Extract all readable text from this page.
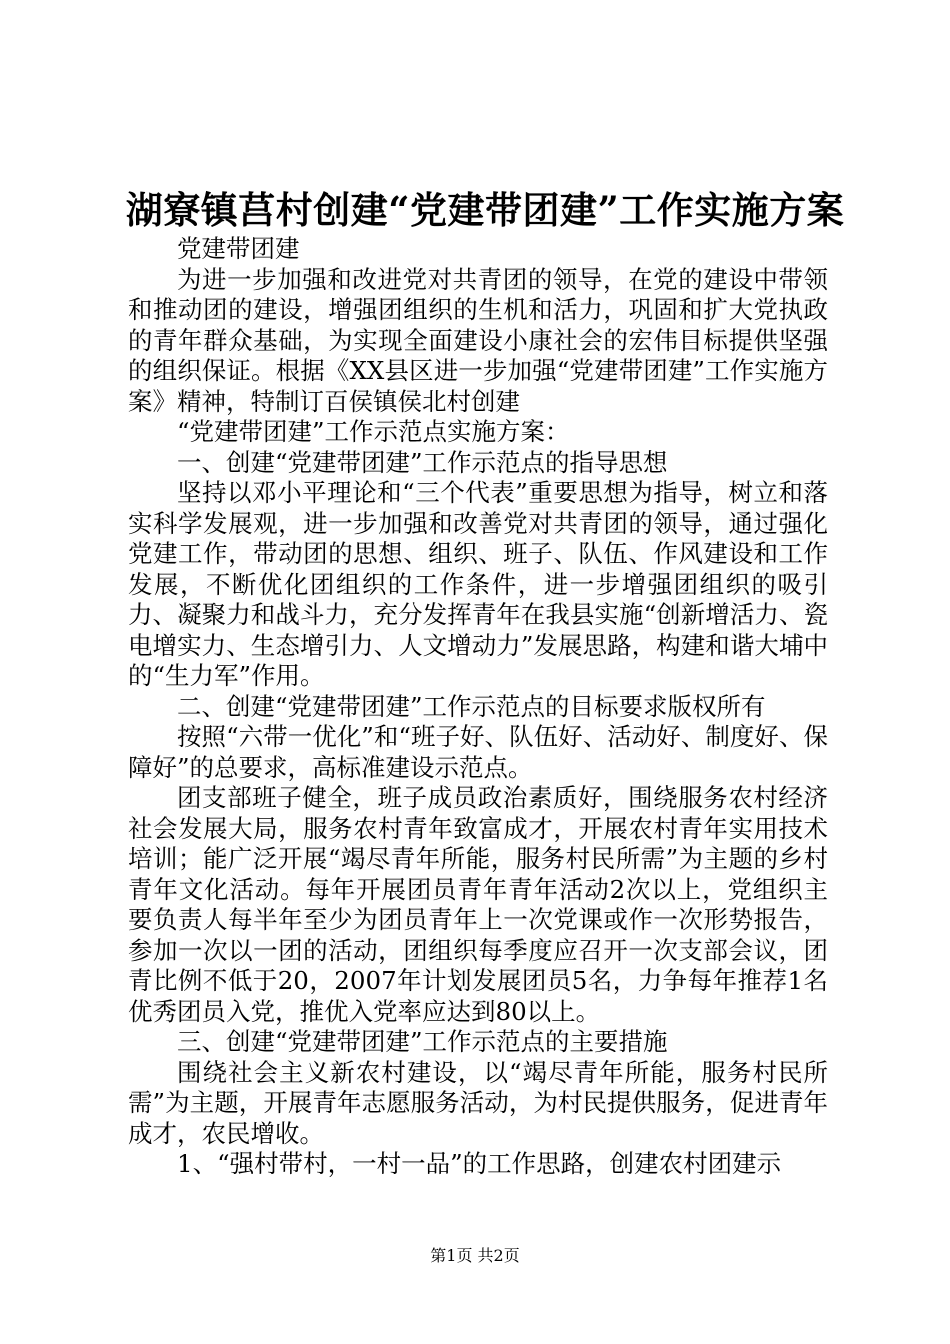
湖寮镇莒村创建“党建带团建”工作实施方案

党建带团建

为进一步加强和改进党对共青团的领导，在党的建设中带领和推动团的建设，增强团组织的生机和活力，巩固和扩大党执政的青年群众基础，为实现全面建设小康社会的宏伟目标提供坚强的组织保证。根据《XX县区进一步加强“党建带团建”工作实施方案》精神，特制订百侯镇侯北村创建

“党建带团建”工作示范点实施方案：

一、创建“党建带团建”工作示范点的指导思想

坚持以邓小平理论和“三个代表”重要思想为指导，树立和落实科学发展观，进一步加强和改善党对共青团的领导，通过强化党建工作，带动团的思想、组织、班子、队伍、作风建设和工作发展，不断优化团组织的工作条件，进一步增强团组织的吸引力、凝聚力和战斗力，充分发挥青年在我县实施“创新增活力、瓷电增实力、生态增引力、人文增动力”发展思路，构建和谐大埔中的“生力军”作用。

二、创建“党建带团建”工作示范点的目标要求版权所有

按照“六带一优化”和“班子好、队伍好、活动好、制度好、保障好”的总要求，高标准建设示范点。

团支部班子健全，班子成员政治素质好，围绕服务农村经济社会发展大局，服务农村青年致富成才，开展农村青年实用技术培训；能广泛开展“竭尽青年所能，服务村民所需”为主题的乡村青年文化活动。每年开展团员青年青年活动2次以上，党组织主要负责人每半年至少为团员青年上一次党课或作一次形势报告，参加一次以一团的活动，团组织每季度应召开一次支部会议，团青比例不低于20，2007年计划发展团员5名，力争每年推荐1名优秀团员入党，推优入党率应达到80以上。

三、创建“党建带团建”工作示范点的主要措施

围绕社会主义新农村建设，以“竭尽青年所能，服务村民所需”为主题，开展青年志愿服务活动，为村民提供服务，促进青年成才，农民增收。

1、“强村带村，一村一品”的工作思路，创建农村团建示

第1页 共2页
